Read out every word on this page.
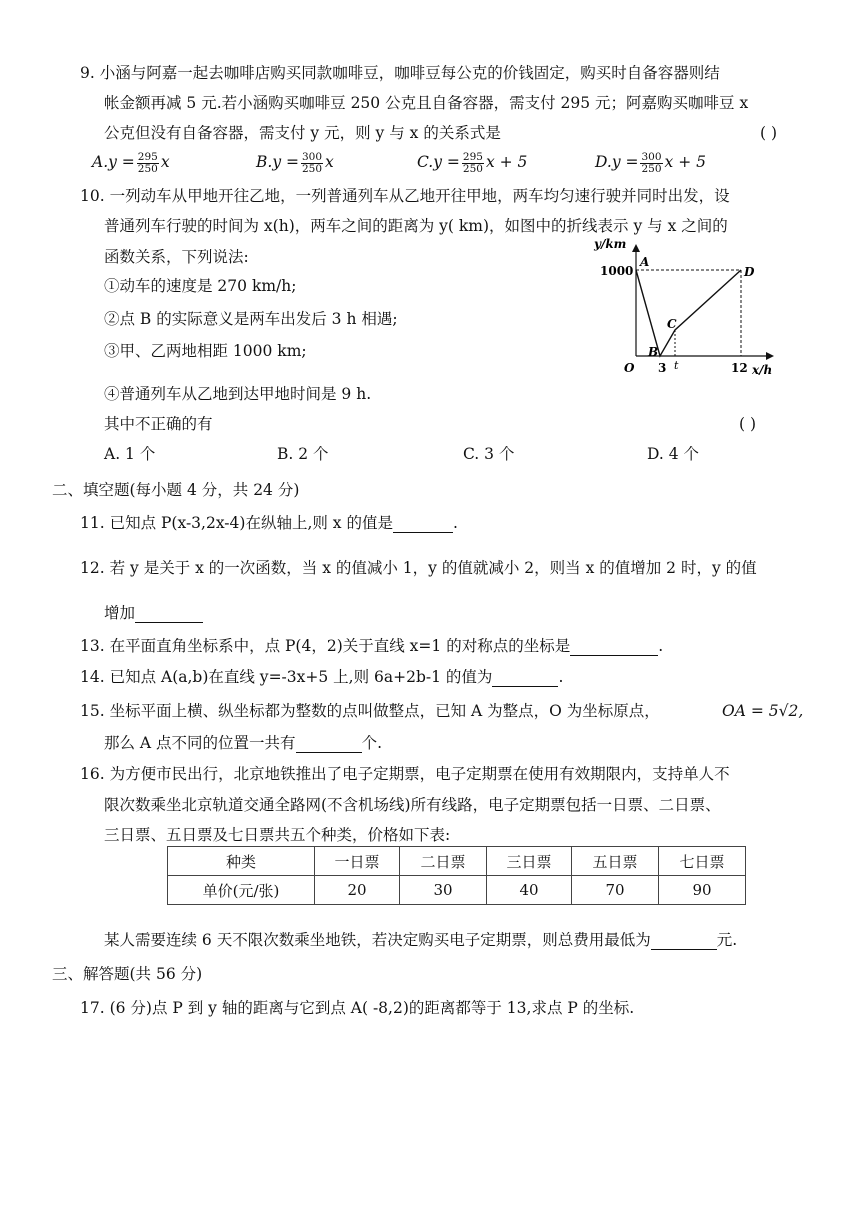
9. 小涵与阿嘉一起去咖啡店购买同款咖啡豆，咖啡豆每公克的价钱固定，购买时自备容器则结
帐金额再减 5 元.若小涵购买咖啡豆 250 公克且自备容器，需支付 295 元；阿嘉购买咖啡豆 x
公克但没有自备容器，需支付 y 元，则 y 与 x 的关系式是	( )
$A.y = \frac{295}{250}$ x	$B.y = \frac{300}{250}$ x	$C.y = \frac{295}{250}$ x + 5	$D.y = \frac{300}{250}$ x + 5
10. 一列动车从甲地开往乙地，一列普通列车从乙地开往甲地，两车均匀速行驶并同时出发，设
普通列车行驶的时间为 x(h)，两车之间的距离为 y( km)，如图中的折线表示 y 与 x 之间的
函数关系，下列说法:
①动车的速度是 270 km/h;
②点 B 的实际意义是两车出发后 3 h 相遇;
③甲、乙两地相距 1000 km;
④普通列车从乙地到达甲地时间是 9 h.
其中不正确的有	( )
A. 1 个	B. 2 个	C. 3 个	D. 4 个
y/km
1000
A
B
C
D
O 3 t	12 x/h
二、填空题(每小题 4 分，共 24 分)
11. 已知点 P(x-3,2x-4)在纵轴上,则 x 的值是	.
12. 若 y 是关于 x 的一次函数，当 x 的值减小 1，y 的值就减小 2，则当 x 的值增加 2 时，y 的值
增加
13. 在平面直角坐标系中，点 P(4，2)关于直线 x=1 的对称点的坐标是	.
14. 已知点 A(a,b)在直线 y=-3x+5 上,则 6a+2b-1 的值为	.
15. 坐标平面上横、纵坐标都为整数的点叫做整点，已知 A 为整点，O 为坐标原点，	OA = 5√2,
那么 A 点不同的位置一共有	个.
16. 为方便市民出行，北京地铁推出了电子定期票，电子定期票在使用有效期限内，支持单人不
限次数乘坐北京轨道交通全路网(不含机场线)所有线路，电子定期票包括一日票、二日票、
三日票、五日票及七日票共五个种类，价格如下表:
种类	一日票	二日票	三日票	五日票	七日票
单价(元/张)	20	30	40	70	90
某人需要连续 6 天不限次数乘坐地铁，若决定购买电子定期票，则总费用最低为	元.
三、解答题(共 56 分)
17. (6 分)点 P 到 y 轴的距离与它到点 A( -8,2)的距离都等于 13,求点 P 的坐标.
